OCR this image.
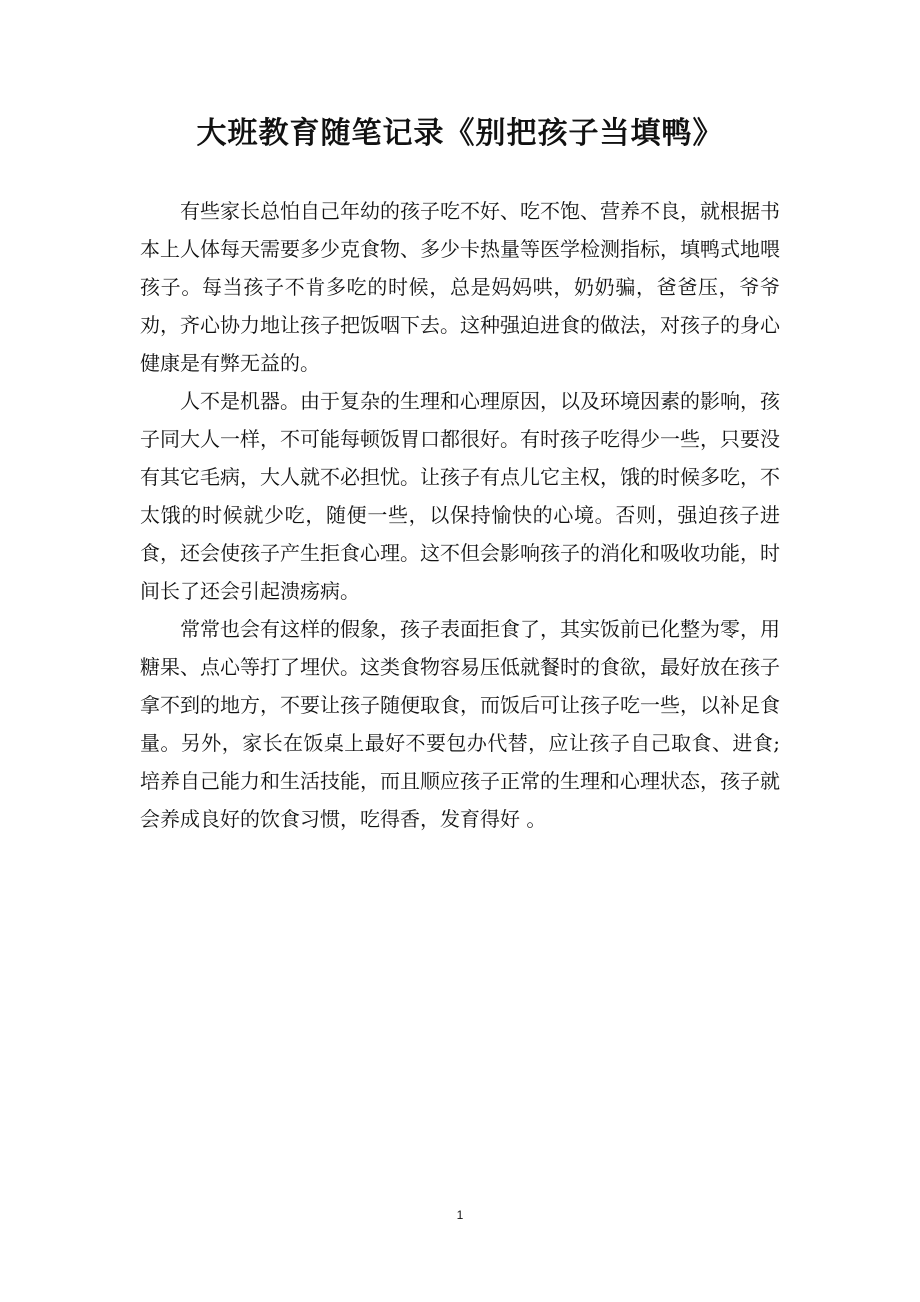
大班教育随笔记录《别把孩子当填鸭》

有些家长总怕自己年幼的孩子吃不好、吃不饱、营养不良，就根据书本上人体每天需要多少克食物、多少卡热量等医学检测指标，填鸭式地喂孩子。每当孩子不肯多吃的时候，总是妈妈哄，奶奶骗，爸爸压，爷爷劝，齐心协力地让孩子把饭咽下去。这种强迫进食的做法，对孩子的身心健康是有弊无益的。

人不是机器。由于复杂的生理和心理原因，以及环境因素的影响，孩子同大人一样，不可能每顿饭胃口都很好。有时孩子吃得少一些，只要没有其它毛病，大人就不必担忧。让孩子有点儿它主权，饿的时候多吃，不太饿的时候就少吃，随便一些，以保持愉快的心境。否则，强迫孩子进食，还会使孩子产生拒食心理。这不但会影响孩子的消化和吸收功能，时间长了还会引起溃疡病。

常常也会有这样的假象，孩子表面拒食了，其实饭前已化整为零，用糖果、点心等打了埋伏。这类食物容易压低就餐时的食欲，最好放在孩子拿不到的地方，不要让孩子随便取食，而饭后可让孩子吃一些，以补足食量。另外，家长在饭桌上最好不要包办代替，应让孩子自己取食、进食;培养自己能力和生活技能，而且顺应孩子正常的生理和心理状态，孩子就会养成良好的饮食习惯，吃得香，发育得好 。

1
